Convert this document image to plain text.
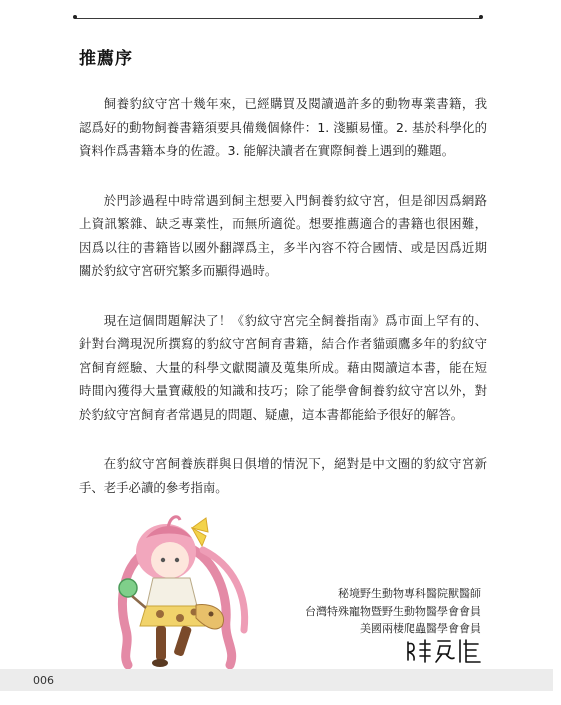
推薦序

飼養豹紋守宮十幾年來，已經購買及閱讀過許多的動物專業書籍，我認爲好的動物飼養書籍須要具備幾個條件：1. 淺顯易懂。2. 基於科學化的資料作爲書籍本身的佐證。3. 能解決讀者在實際飼養上遇到的難題。

於門診過程中時常遇到飼主想要入門飼養豹紋守宮，但是卻因爲網路上資訊繁雜、缺乏專業性，而無所適從。想要推薦適合的書籍也很困難，因爲以往的書籍皆以國外翻譯爲主，多半內容不符合國情、或是因爲近期關於豹紋守宮研究繁多而顯得過時。

現在這個問題解決了！《豹紋守宮完全飼養指南》爲市面上罕有的、針對台灣現況所撰寫的豹紋守宮飼育書籍，結合作者貓頭鷹多年的豹紋守宮飼育經驗、大量的科學文獻閱讀及蒐集所成。藉由閱讀這本書，能在短時間內獲得大量寶藏般的知識和技巧；除了能學會飼養豹紋守宮以外，對於豹紋守宮飼育者常遇見的問題、疑慮，這本書都能給予很好的解答。

在豹紋守宮飼養族群與日俱增的情況下，絕對是中文圈的豹紋守宮新手、老手必讀的參考指南。

秘境野生動物專科醫院獸醫師
台灣特殊寵物暨野生動物醫學會會員
美國兩棲爬蟲醫學會會員
006
